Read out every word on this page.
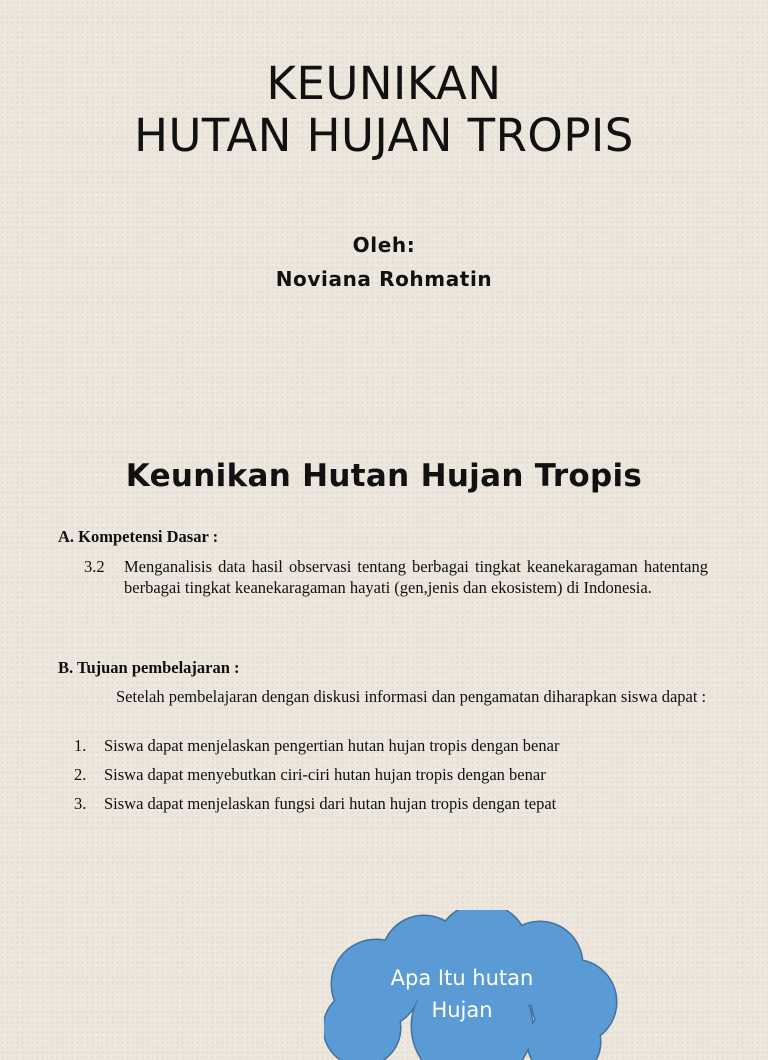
KEUNIKAN
HUTAN HUJAN TROPIS
Oleh:
Noviana Rohmatin
Keunikan Hutan Hujan Tropis
A. Kompetensi Dasar :
3.2 Menganalisis data hasil observasi tentang berbagai tingkat keanekaragaman hatentang berbagai tingkat keanekaragaman hayati (gen,jenis dan ekosistem) di Indonesia.
B. Tujuan pembelajaran :
Setelah pembelajaran dengan diskusi informasi dan pengamatan diharapkan siswa dapat :
1. Siswa dapat menjelaskan pengertian hutan hujan tropis dengan benar
2. Siswa dapat menyebutkan ciri-ciri hutan hujan tropis dengan benar
3. Siswa dapat menjelaskan fungsi dari hutan hujan tropis dengan tepat
Apa Itu hutan
Hujan
